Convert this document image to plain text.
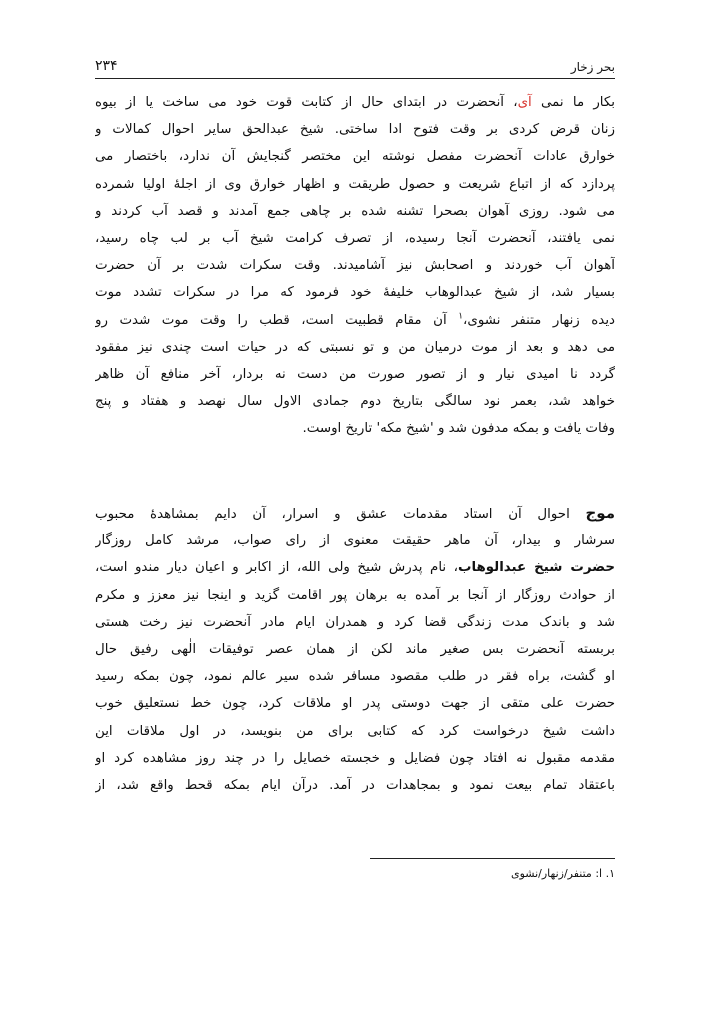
۲۳۴	بحر زخار
بکار ما نمی آی، آنحضرت در ابتدای حال از کتابت قوت خود می ساخت یا از بیوه
زنان قرض کردی بر وقت فتوح ادا ساختی. شیخ عبدالحق سایر احوال کمالات و
خوارق عادات آنحضرت مفصل نوشته این مختصر گنجایش آن ندارد، باختصار می
پردازد که از اتباع شریعت و حصول طریقت و اظهار خوارق وی از اجلهٔ اولیا شمرده
می شود. روزی آهوان بصحرا تشنه شده بر چاهی جمع آمدند و قصد آب کردند و
نمی یافتند، آنحضرت آنجا رسیده، از تصرف کرامت شیخ آب بر لب چاه رسید،
آهوان آب خوردند و اصحابش نیز آشامیدند. وقت سکرات شدت بر آن حضرت
بسیار شد، از شیخ عبدالوهاب خلیفهٔ خود فرمود که مرا در سکرات تشدد موت
دیده زنهار متنفر نشوی،$^۱$ آن مقام قطبیت است، قطب را وقت موت شدت رو
می دهد و بعد از موت درمیان من و تو نسبتی که در حیات است چندی نیز مفقود
گردد نا امیدی نیار و از تصور صورت من دست نه بردار، آخر منافع آن ظاهر
خواهد شد، بعمر نود سالگی بتاریخ دوم جمادی الاول سال نهصد و هفتاد و پنج
وفات یافت و بمکه مدفون شد و 'شیخ مکه' تاریخ اوست.
موج احوال آن استاد مقدمات عشق و اسرار، آن دایم بمشاهدهٔ محبوب
سرشار و بیدار، آن ماهر حقیقت معنوی از رای صواب، مرشد کامل روزگار
حضرت شیخ عبدالوهاب، نام پدرش شیخ ولی الله، از اکابر و اعیان دیار مندو است،
از حوادث روزگار از آنجا بر آمده به برهان پور اقامت گزید و اینجا نیز معزز و مکرم
شد و باندک مدت زندگی قضا کرد و همدران ایام مادر آنحضرت نیز رخت هستی
بربسته آنحضرت بس صغیر ماند لکن از همان عصر توفیقات الٰهی رفیق حال
او گشت، براه فقر در طلب مقصود مسافر شده سیر عالم نمود، چون بمکه رسید
حضرت علی متقی از جهت دوستی پدر او ملاقات کرد، چون خط نستعلیق خوب
داشت شیخ درخواست کرد که کتابی برای من بنویسد، در اول ملاقات این
مقدمه مقبول نه افتاد چون فضایل و خجسته خصایل را در چند روز مشاهده کرد او
باعتقاد تمام بیعت نمود و بمجاهدات در آمد. درآن ایام بمکه قحط واقع شد، از
۱. ا: متنفر/زنهار/نشوی
